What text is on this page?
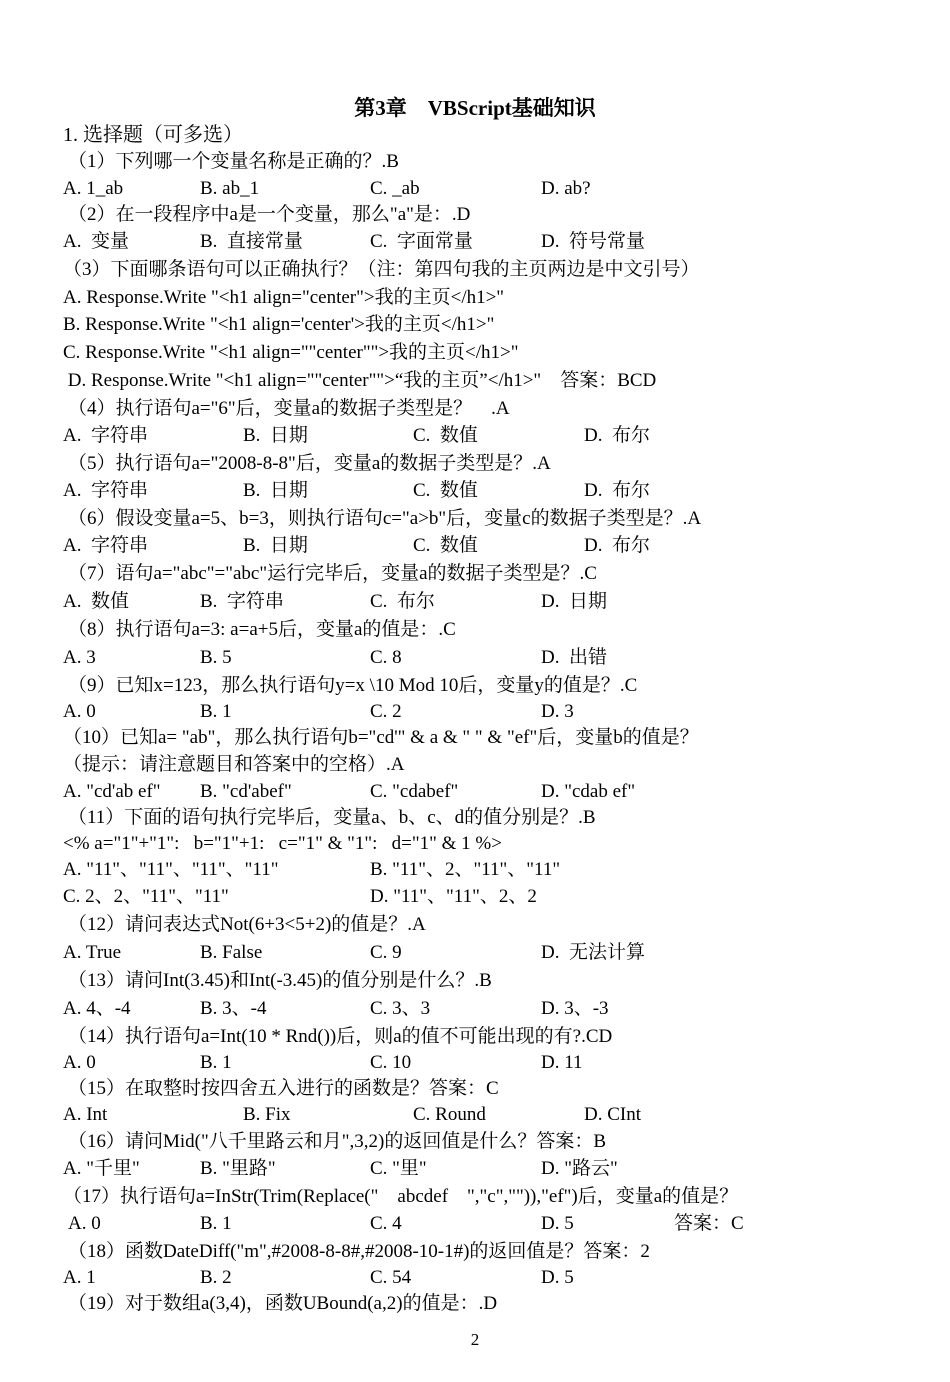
第3章    VBScript基础知识
1. 选择题（可多选）
（1）下列哪一个变量名称是正确的？.B
A. 1_ab	B. ab_1	C. _ab	D. ab?
（2）在一段程序中a是一个变量，那么"a"是：.D
A.  变量	B.  直接常量	C.  字面常量	D.  符号常量
（3）下面哪条语句可以正确执行？（注：第四句我的主页两边是中文引号）
A. Response.Write "<h1 align="center">我的主页</h1>"
B. Response.Write "<h1 align='center'>我的主页</h1>"
C. Response.Write "<h1 align=""center"">我的主页</h1>"
D. Response.Write "<h1 align=""center"">“我的主页”</h1>"    答案：BCD
（4）执行语句a="6"后，变量a的数据子类型是？    .A
A.  字符串	B.  日期	C.  数值	D.  布尔
（5）执行语句a="2008-8-8"后，变量a的数据子类型是？.A
A.  字符串	B.  日期	C.  数值	D.  布尔
（6）假设变量a=5、b=3，则执行语句c="a>b"后，变量c的数据子类型是？.A
A.  字符串	B.  日期	C.  数值	D.  布尔
（7）语句a="abc"="abc"运行完毕后，变量a的数据子类型是？.C
A.  数值	B.  字符串	C.  布尔	D.  日期
（8）执行语句a=3: a=a+5后，变量a的值是：.C
A. 3	B. 5	C. 8	D.  出错
（9）已知x=123，那么执行语句y=x \10 Mod 10后，变量y的值是？.C
A. 0	B. 1	C. 2	D. 3
（10）已知a= "ab"，那么执行语句b="cd'" & a & " " & "ef"后，变量b的值是？
（提示：请注意题目和答案中的空格）.A
A. "cd'ab ef" B. "cd'abef"	C. "cdabef"	D. "cdab ef"
（11）下面的语句执行完毕后，变量a、b、c、d的值分别是？.B
<% a="1"+"1":   b="1"+1:   c="1" & "1":   d="1" & 1 %>
A. "11"、"11"、"11"、"11"	B. "11"、2、"11"、"11"
C. 2、2、"11"、"11"	D. "11"、"11"、2、2
（12）请问表达式Not(6+3<5+2)的值是？.A
A. True	B. False	C. 9	D.  无法计算
（13）请问Int(3.45)和Int(-3.45)的值分别是什么？.B
A. 4、-4	B. 3、-4	C. 3、3	D. 3、-3
（14）执行语句a=Int(10 * Rnd())后，则a的值不可能出现的有?.CD
A. 0	B. 1	C. 10	D. 11
（15）在取整时按四舍五入进行的函数是？答案：C
A. Int	B. Fix	C. Round	D. CInt
（16）请问Mid("八千里路云和月",3,2)的返回值是什么？答案：B
A. "千里"	B. "里路"	C. "里"	D. "路云"
（17）执行语句a=InStr(Trim(Replace("    abcdef    ","c","")),"ef")后，变量a的值是？
A. 0	B. 1	C. 4	D. 5	答案：C
（18）函数DateDiff("m",#2008-8-8#,#2008-10-1#)的返回值是？答案：2
A. 1	B. 2	C. 54	D. 5
（19）对于数组a(3,4)，函数UBound(a,2)的值是：.D
2
